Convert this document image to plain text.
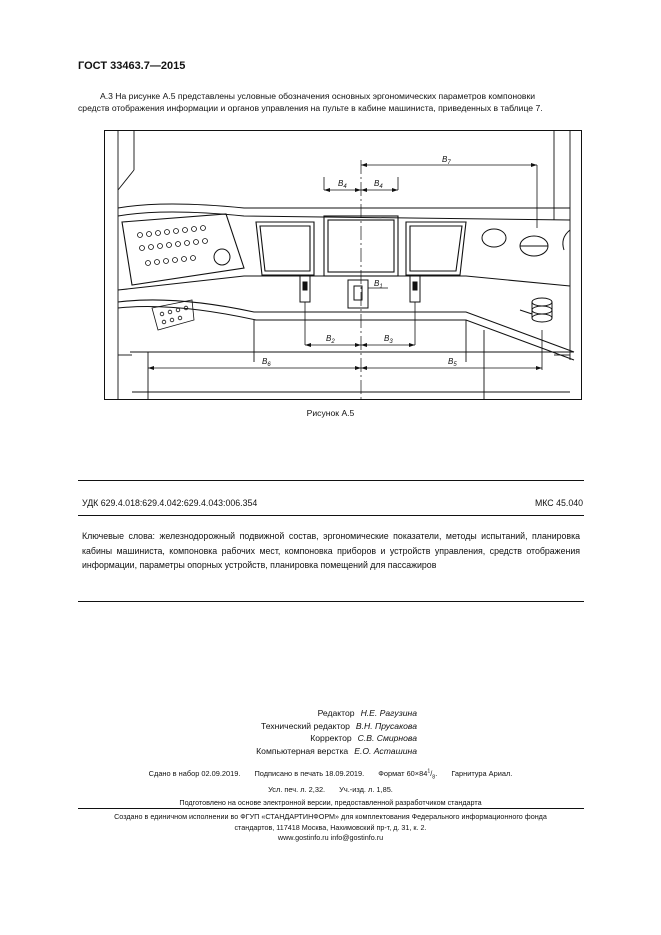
ГОСТ 33463.7—2015
А.3 На рисунке А.5 представлены условные обозначения основных эргономических параметров компоновки
средств отображения информации и органов управления на пульте в кабине машиниста, приведенных в таблице 7.
$B_4$	$B_4$
$B_7$
$B_1$
$B_2$	$B_3$
$B_6$	$B_5$
Рисунок А.5
УДК 629.4.018:629.4.042:629.4.043:006.354	МКС 45.040
Ключевые слова: железнодорожный подвижной состав, эргономические показатели, методы испытаний, планировка кабины машиниста, компоновка рабочих мест, компоновка приборов и устройств управления, средств отображения информации, параметры опорных устройств, планировка помещений для пассажиров
Редактор Н.Е. Рагузина
Технический редактор В.Н. Прусакова
Корректор С.В. Смирнова
Компьютерная верстка Е.О. Асташина
Сдано в набор 02.09.2019. Подписано в печать 18.09.2019. Формат $60\times 84^1/_8$. Гарнитура Ариал.
Усл. печ. л. 2,32. Уч.-изд. л. 1,85.
Подготовлено на основе электронной версии, предоставленной разработчиком стандарта
Создано в единичном исполнении во ФГУП «СТАНДАРТИНФОРМ» для комплектования Федерального информационного фонда
стандартов, 117418 Москва, Нахимовский пр-т, д. 31, к. 2.
www.gostinfo.ru info@gostinfo.ru
